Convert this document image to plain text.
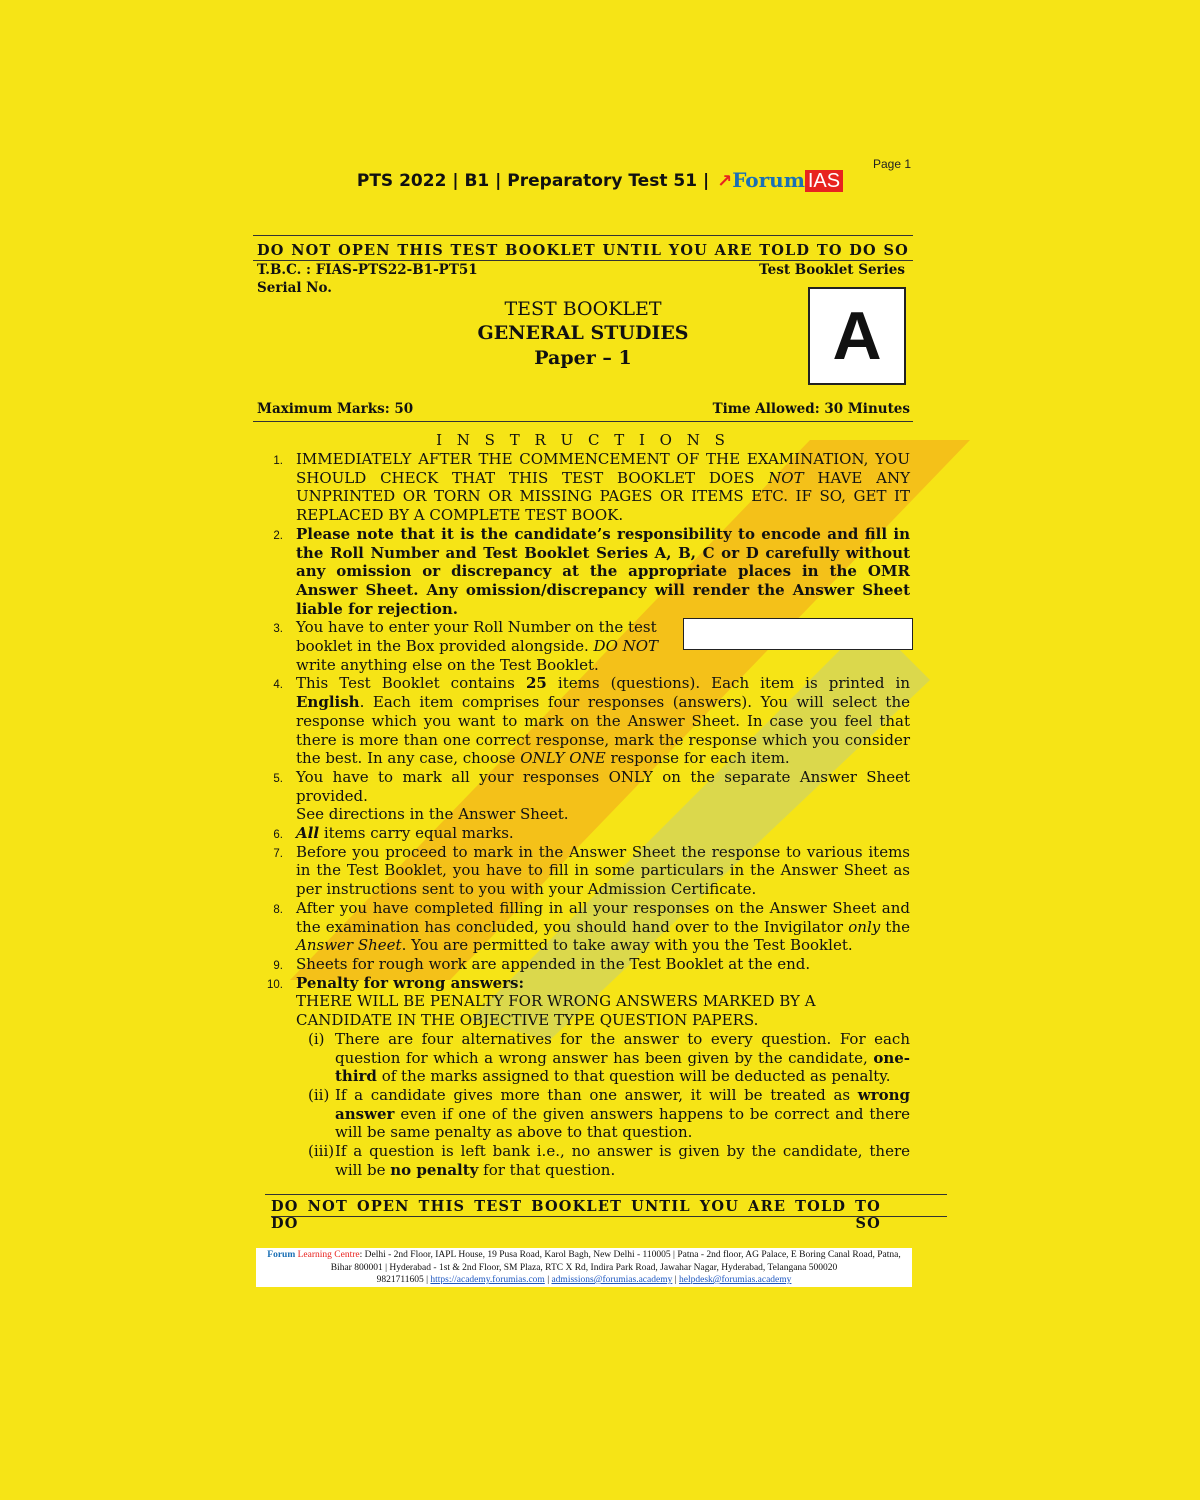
Page 1
PTS 2022 | B1 | Preparatory Test 51 | ↗Forum IAS
DO NOT OPEN THIS TEST BOOKLET UNTIL YOU ARE TOLD TO DO SO
T.B.C. : FIAS-PTS22-B1-PT51	Test Booklet Series
Serial No.
TEST BOOKLET
GENERAL STUDIES
Paper – 1	A
Maximum Marks: 50	Time Allowed: 30 Minutes
I N S T R U C T I O N S
1. IMMEDIATELY AFTER THE COMMENCEMENT OF THE EXAMINATION, YOU SHOULD CHECK THAT THIS TEST BOOKLET DOES NOT HAVE ANY UNPRINTED OR TORN OR MISSING PAGES OR ITEMS ETC. IF SO, GET IT REPLACED BY A COMPLETE TEST BOOK.
2. Please note that it is the candidate’s responsibility to encode and fill in the Roll Number and Test Booklet Series A, B, C or D carefully without any omission or discrepancy at the appropriate places in the OMR Answer Sheet. Any omission/discrepancy will render the Answer Sheet liable for rejection.
3. You have to enter your Roll Number on the test booklet in the Box provided alongside. DO NOT write anything else on the Test Booklet.
4. This Test Booklet contains 25 items (questions). Each item is printed in English. Each item comprises four responses (answers). You will select the response which you want to mark on the Answer Sheet. In case you feel that there is more than one correct response, mark the response which you consider the best. In any case, choose ONLY ONE response for each item.
5. You have to mark all your responses ONLY on the separate Answer Sheet provided.
See directions in the Answer Sheet.
6. All items carry equal marks.
7. Before you proceed to mark in the Answer Sheet the response to various items in the Test Booklet, you have to fill in some particulars in the Answer Sheet as per instructions sent to you with your Admission Certificate.
8. After you have completed filling in all your responses on the Answer Sheet and the examination has concluded, you should hand over to the Invigilator only the Answer Sheet. You are permitted to take away with you the Test Booklet.
9. Sheets for rough work are appended in the Test Booklet at the end.
10. Penalty for wrong answers:
THERE WILL BE PENALTY FOR WRONG ANSWERS MARKED BY A CANDIDATE IN THE OBJECTIVE TYPE QUESTION PAPERS.
(i) There are four alternatives for the answer to every question. For each question for which a wrong answer has been given by the candidate, one-third of the marks assigned to that question will be deducted as penalty.
(ii) If a candidate gives more than one answer, it will be treated as wrong answer even if one of the given answers happens to be correct and there will be same penalty as above to that question.
(iii) If a question is left bank i.e., no answer is given by the candidate, there will be no penalty for that question.
DO NOT OPEN THIS TEST BOOKLET UNTIL YOU ARE TOLD TO DO SO
Forum Learning Centre: Delhi - 2nd Floor, IAPL House, 19 Pusa Road, Karol Bagh, New Delhi - 110005 | Patna - 2nd floor, AG Palace, E Boring Canal Road, Patna, Bihar 800001 | Hyderabad - 1st & 2nd Floor, SM Plaza, RTC X Rd, Indira Park Road, Jawahar Nagar, Hyderabad, Telangana 500020
9821711605 | https://academy.forumias.com | admissions@forumias.academy | helpdesk@forumias.academy
